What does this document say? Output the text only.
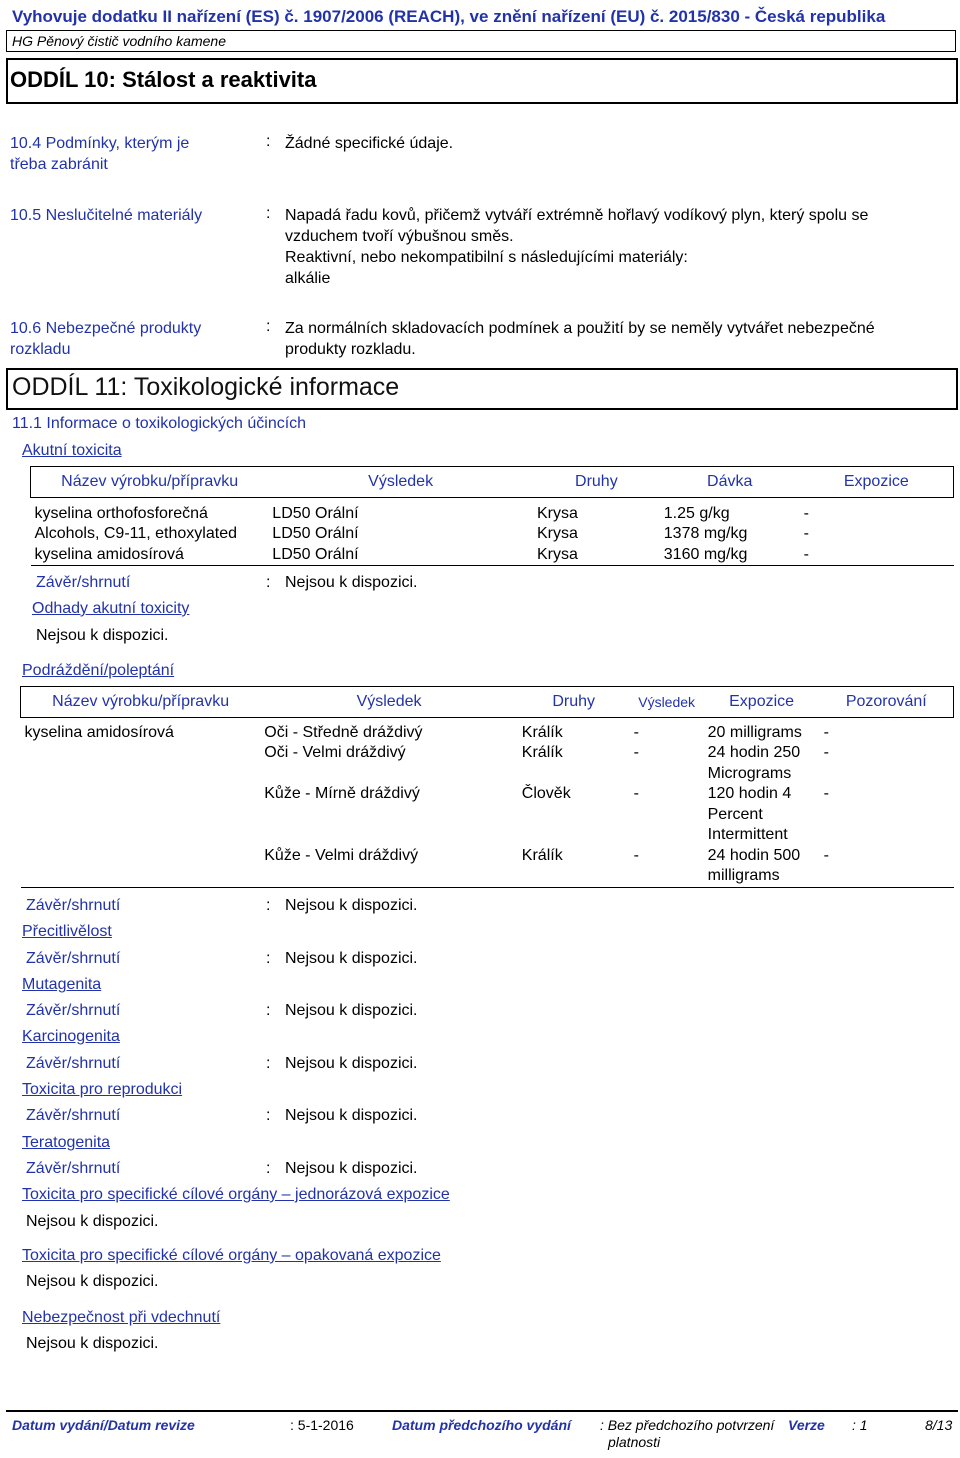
Vyhovuje dodatku II nařízení (ES) č. 1907/2006 (REACH), ve znění nařízení (EU) č. 2015/830 - Česká republika
HG Pěnový čistič vodního kamene
ODDÍL 10: Stálost a reaktivita
10.4 Podmínky, kterým je
třeba zabránit
: Žádné specifické údaje.
10.5 Neslučitelné materiály	: Napadá řadu kovů, přičemž vytváří extrémně hořlavý vodíkový plyn, který spolu se
vzduchem tvoří výbušnou směs.
Reaktivní, nebo nekompatibilní s následujícími materiály:
alkálie
10.6 Nebezpečné produkty
rozkladu
: Za normálních skladovacích podmínek a použití by se neměly vytvářet nebezpečné
produkty rozkladu.
ODDÍL 11: Toxikologické informace
11.1 Informace o toxikologických účincích
Akutní toxicita
Název výrobku/přípravku	Výsledek	Druhy	Dávka	Expozice

kyselina orthofosforečná	LD50 Orální	Krysa	1.25 g/kg	-
Alcohols, C9-11, ethoxylated	LD50 Orální	Krysa	1378 mg/kg	-
kyselina amidosírová	LD50 Orální	Krysa	3160 mg/kg	-
Závěr/shrnutí	: Nejsou k dispozici.
Odhady akutní toxicity
Nejsou k dispozici.
Podráždění/poleptání
Název výrobku/přípravku	Výsledek	Druhy	Výsledek	Expozice	Pozorování

kyselina amidosírová	Oči - Středně dráždivý	Králík	-	20 milligrams	-
	Oči - Velmi dráždivý	Králík	-	24 hodin 250 Micrograms	-
	Kůže - Mírně dráždivý	Člověk	-	120 hodin 4 Percent Intermittent	-
	Kůže - Velmi dráždivý	Králík	-	24 hodin 500 milligrams	-
Závěr/shrnutí	: Nejsou k dispozici.
Přecitlivělost
Závěr/shrnutí	: Nejsou k dispozici.
Mutagenita
Závěr/shrnutí	: Nejsou k dispozici.
Karcinogenita
Závěr/shrnutí	: Nejsou k dispozici.
Toxicita pro reprodukci
Závěr/shrnutí	: Nejsou k dispozici.
Teratogenita
Závěr/shrnutí	: Nejsou k dispozici.
Toxicita pro specifické cílové orgány – jednorázová expozice
Nejsou k dispozici.
Toxicita pro specifické cílové orgány – opakovaná expozice
Nejsou k dispozici.
Nebezpečnost při vdechnutí
Nejsou k dispozici.
Datum vydání/Datum revize	: 5-1-2016	Datum předchozího vydání : Bez předchozího potvrzení
platnosti
Verze : 1	8/13
